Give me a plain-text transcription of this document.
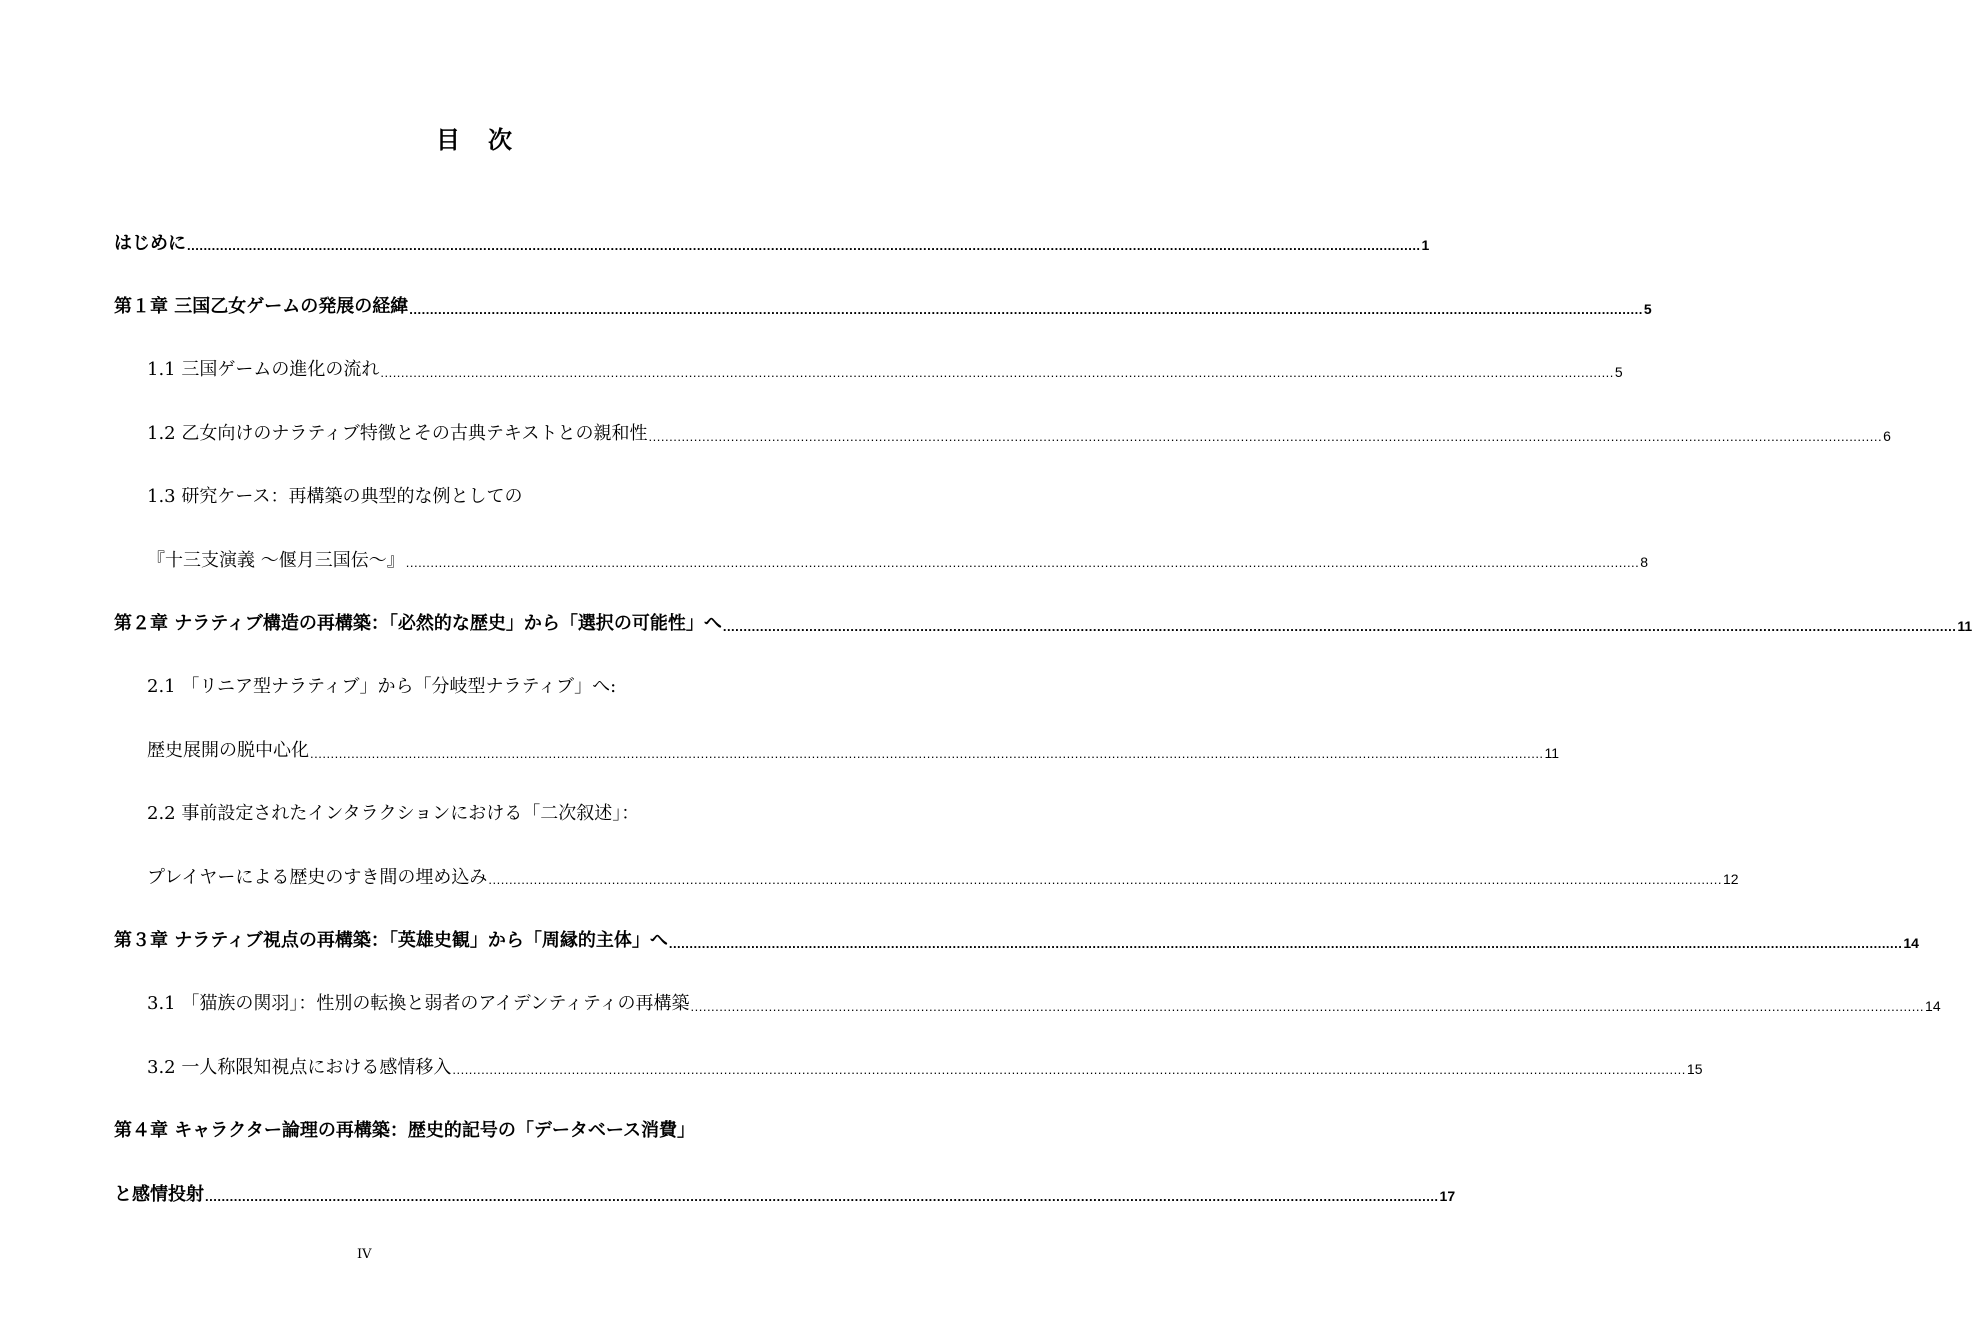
目　次
はじめに ............................................................................................................................................................................................................................................................................................................ 1
第１章 三国乙女ゲームの発展の経緯 ............................................................................................................................................................................................................................................................................................................ 5
1.1 三国ゲームの進化の流れ ............................................................................................................................................................................................................................................................................................................ 5
1.2 乙女向けのナラティブ特徴とその古典テキストとの親和性 ............................................................................................................................................................................................................................................................................................................ 6
1.3 研究ケース：再構築の典型的な例としての
『十三支演義 ～偃月三国伝～』 ............................................................................................................................................................................................................................................................................................................ 8
第２章 ナラティブ構造の再構築：「必然的な歴史」から「選択の可能性」へ ............................................................................................................................................................................................................................................................................................................ 11
2.1 「リニア型ナラティブ」から「分岐型ナラティブ」へ:
歴史展開の脱中心化 ............................................................................................................................................................................................................................................................................................................ 11
2.2 事前設定されたインタラクションにおける「二次叙述」：
プレイヤーによる歴史のすき間の埋め込み ............................................................................................................................................................................................................................................................................................................ 12
第３章 ナラティブ視点の再構築：「英雄史観」から「周縁的主体」へ ............................................................................................................................................................................................................................................................................................................ 14
3.1 「猫族の関羽」：性別の転換と弱者のアイデンティティの再構築 ............................................................................................................................................................................................................................................................................................................ 14
3.2 一人称限知視点における感情移入 ............................................................................................................................................................................................................................................................................................................ 15
第４章 キャラクター論理の再構築：歴史的記号の「データベース消費」
と感情投射 ............................................................................................................................................................................................................................................................................................................ 17
IV
